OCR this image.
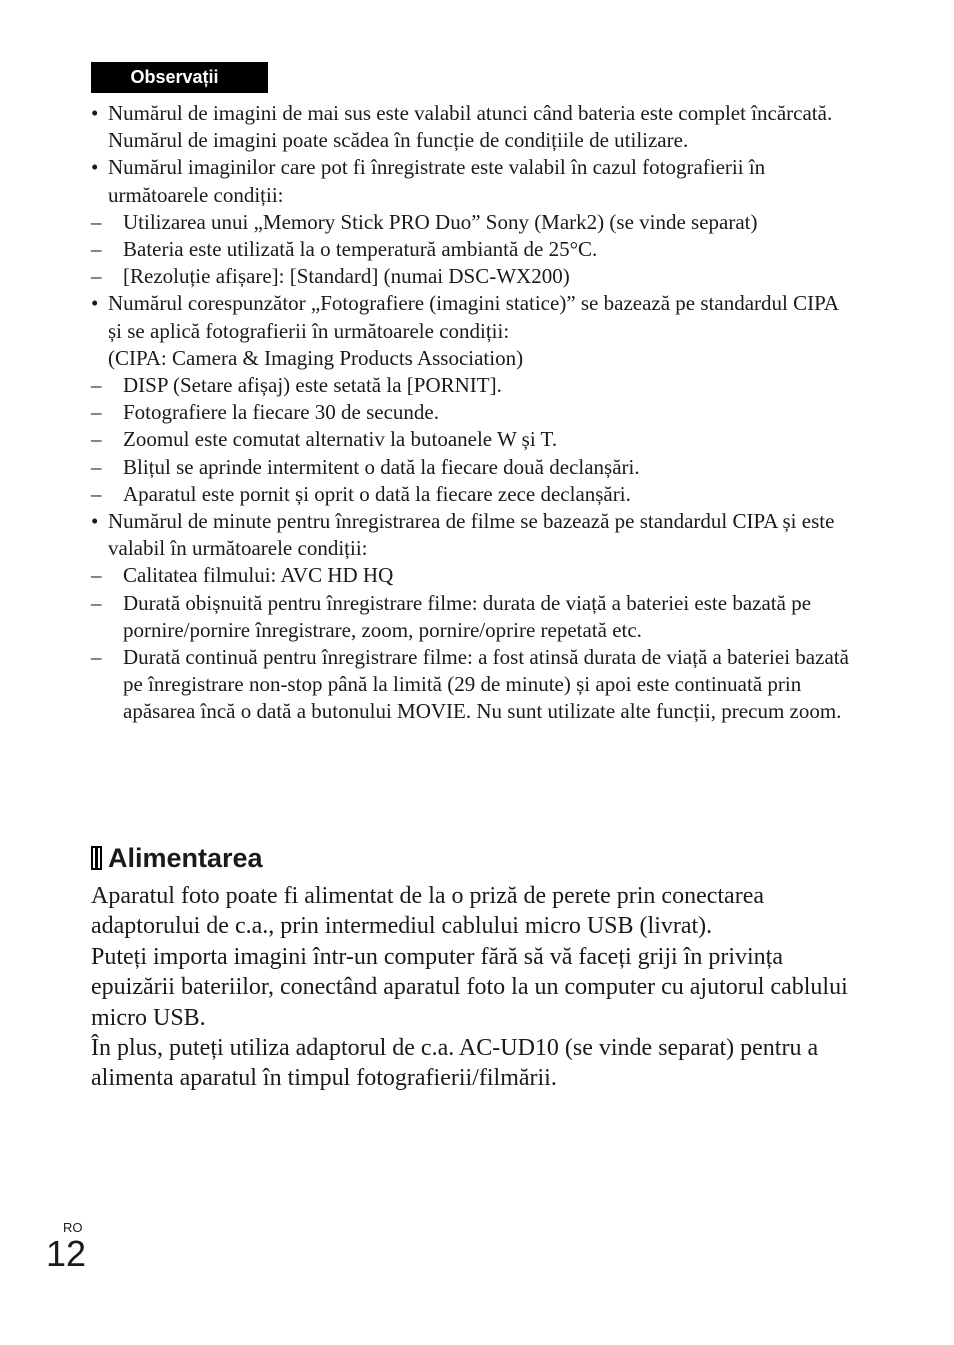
Observații
• Numărul de imagini de mai sus este valabil atunci când bateria este complet încărcată. Numărul de imagini poate scădea în funcție de condițiile de utilizare.
• Numărul imaginilor care pot fi înregistrate este valabil în cazul fotografierii în următoarele condiții:
– Utilizarea unui „Memory Stick PRO Duo” Sony (Mark2) (se vinde separat)
– Bateria este utilizată la o temperatură ambiantă de 25°C.
– [Rezoluție afișare]: [Standard] (numai DSC-WX200)
• Numărul corespunzător „Fotografiere (imagini statice)” se bazează pe standardul CIPA și se aplică fotografierii în următoarele condiții:
(CIPA: Camera & Imaging Products Association)
– DISP (Setare afișaj) este setată la [PORNIT].
– Fotografiere la fiecare 30 de secunde.
– Zoomul este comutat alternativ la butoanele W și T.
– Blițul se aprinde intermitent o dată la fiecare două declanșări.
– Aparatul este pornit și oprit o dată la fiecare zece declanșări.
• Numărul de minute pentru înregistrarea de filme se bazează pe standardul CIPA și este valabil în următoarele condiții:
– Calitatea filmului: AVC HD HQ
– Durată obișnuită pentru înregistrare filme: durata de viață a bateriei este bazată pe pornire/pornire înregistrare, zoom, pornire/oprire repetată etc.
– Durată continuă pentru înregistrare filme: a fost atinsă durata de viață a bateriei bazată pe înregistrare non-stop până la limită (29 de minute) și apoi este continuată prin apăsarea încă o dată a butonului MOVIE. Nu sunt utilizate alte funcții, precum zoom.
Alimentarea

Aparatul foto poate fi alimentat de la o priză de perete prin conectarea adaptorului de c.a., prin intermediul cablului micro USB (livrat).

Puteți importa imagini într-un computer fără să vă faceți griji în privința epuizării bateriilor, conectând aparatul foto la un computer cu ajutorul cablului micro USB.

În plus, puteți utiliza adaptorul de c.a. AC-UD10 (se vinde separat) pentru a alimenta aparatul în timpul fotografierii/filmării.

RO
12
